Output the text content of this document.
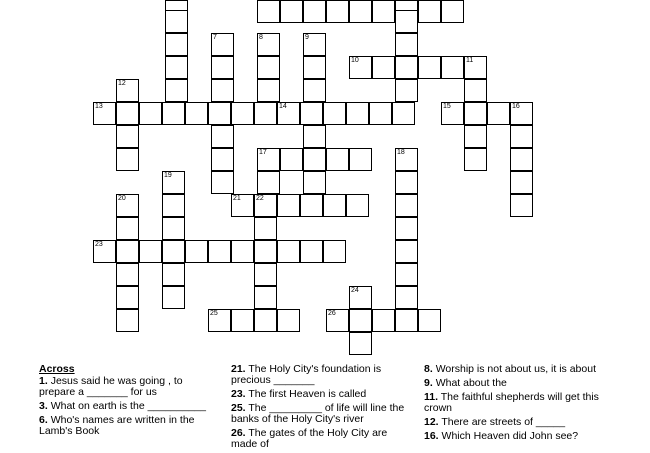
7	8	9
10	11
12
13	14	15	16
17	18
19
21 22
20
23
24
25	26
Across
1. Jesus said he was going , to prepare a _______ for us
3. What on earth is the __________
6. Who's names are written in the Lamb's Book
21. The Holy City's foundation is precious _______
23. The first Heaven is called
25. The _________ of life will line the banks of the Holy City's river
26. The gates of the Holy City are made of
8. Worship is not about us, it is about
9. What about the
11. The faithful shepherds will get this crown
12. There are streets of _____
16. Which Heaven did John see?
